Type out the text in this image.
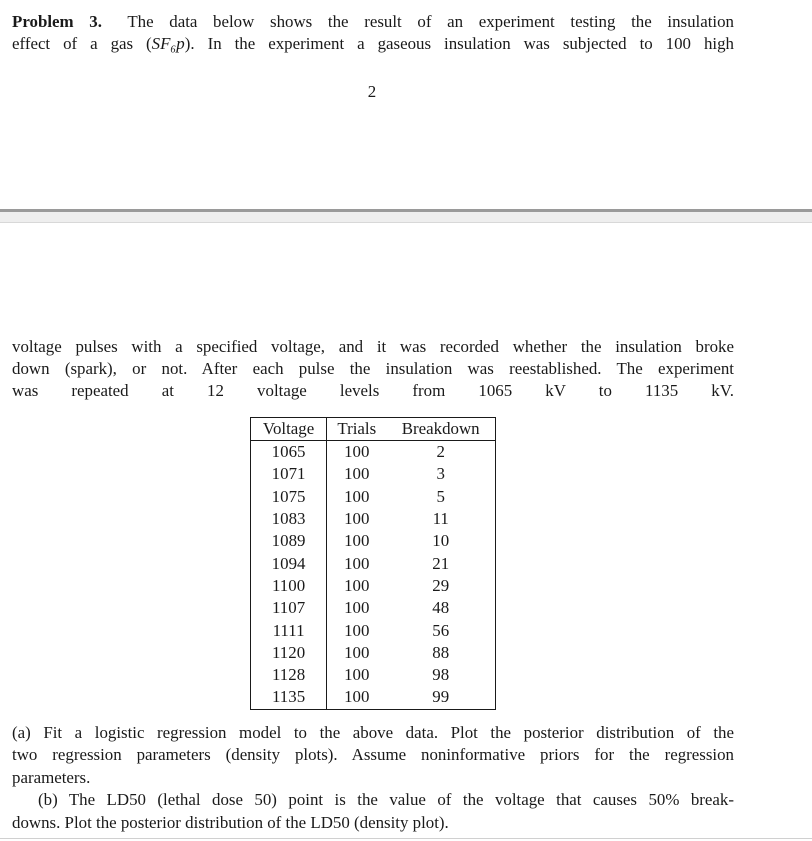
Problem 3. The data below shows the result of an experiment testing the insulation
effect of a gas (SF₆p). In the experiment a gaseous insulation was subjected to 100 high
2
voltage pulses with a specified voltage, and it was recorded whether the insulation broke
down (spark), or not. After each pulse the insulation was reestablished. The experiment
was repeated at 12 voltage levels from 1065 kV to 1135 kV.
Voltage	Trials	Breakdown
1065	100	2
1071	100	3
1075	100	5
1083	100	11
1089	100	10
1094	100	21
1100	100	29
1107	100	48
1111	100	56
1120	100	88
1128	100	98
1135	100	99
(a) Fit a logistic regression model to the above data. Plot the posterior distribution of the
two regression parameters (density plots). Assume noninformative priors for the regression
parameters.
(b) The LD50 (lethal dose 50) point is the value of the voltage that causes 50% break-
downs. Plot the posterior distribution of the LD50 (density plot).
